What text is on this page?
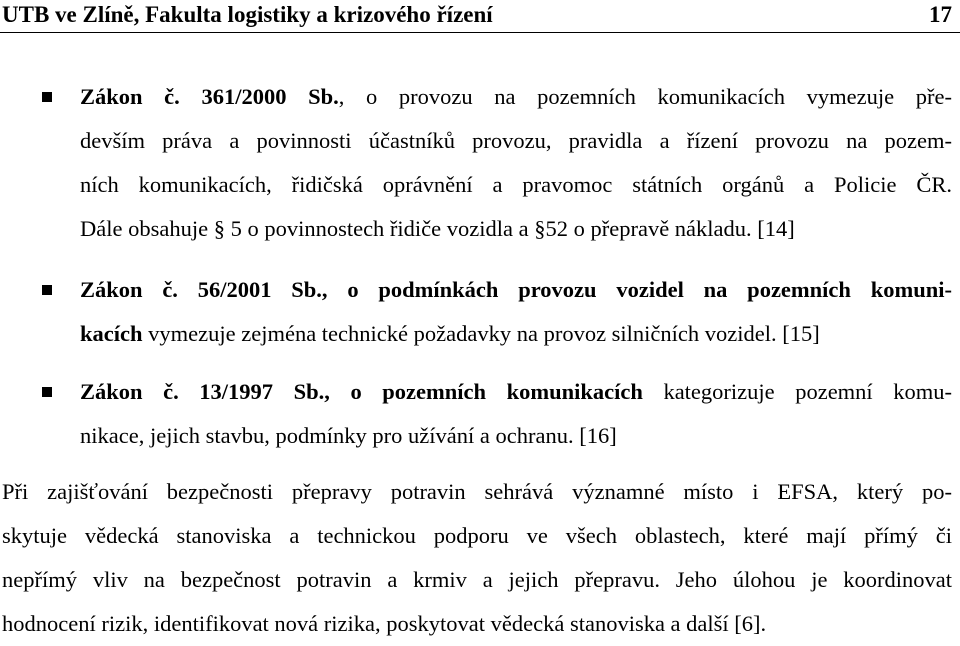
UTB ve Zlíně, Fakulta logistiky a krizového řízení	17
Zákon č. 361/2000 Sb., o provozu na pozemních komunikacích vymezuje pře-
devším práva a povinnosti účastníků provozu, pravidla a řízení provozu na pozem-
ních komunikacích, řidičská oprávnění a pravomoc státních orgánů a Policie ČR.
Dále obsahuje § 5 o povinnostech řidiče vozidla a §52 o přepravě nákladu. [14]
Zákon č. 56/2001 Sb., o podmínkách provozu vozidel na pozemních komuni-
kacích vymezuje zejména technické požadavky na provoz silničních vozidel. [15]
Zákon č. 13/1997 Sb., o pozemních komunikacích kategorizuje pozemní komu-
nikace, jejich stavbu, podmínky pro užívání a ochranu. [16]
Při zajišťování bezpečnosti přepravy potravin sehrává významné místo i EFSA, který po-
skytuje vědecká stanoviska a technickou podporu ve všech oblastech, které mají přímý či
nepřímý vliv na bezpečnost potravin a krmiv a jejich přepravu. Jeho úlohou je koordinovat
hodnocení rizik, identifikovat nová rizika, poskytovat vědecká stanoviska a další [6].
